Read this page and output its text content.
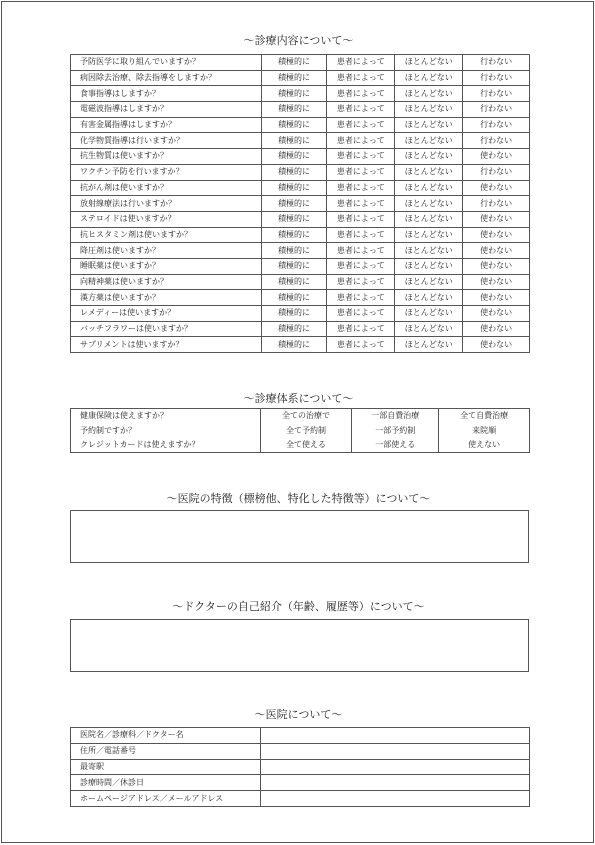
～診療内容について～
予防医学に取り組んでいますか？	積極的に	患者によって	ほとんどない	行わない
病因除去治療、除去指導をしますか？	積極的に	患者によって	ほとんどない	行わない
食事指導はしますか？	積極的に	患者によって	ほとんどない	行わない
電磁波指導はしますか？	積極的に	患者によって	ほとんどない	行わない
有害金属指導はしますか？	積極的に	患者によって	ほとんどない	行わない
化学物質指導は行いますか？	積極的に	患者によって	ほとんどない	行わない
抗生物質は使いますか？	積極的に	患者によって	ほとんどない	使わない
ワクチン予防を行いますか？	積極的に	患者によって	ほとんどない	行わない
抗がん剤は使いますか？	積極的に	患者によって	ほとんどない	使わない
放射線療法は行いますか？	積極的に	患者によって	ほとんどない	行わない
ステロイドは使いますか？	積極的に	患者によって	ほとんどない	使わない
抗ヒスタミン剤は使いますか？	積極的に	患者によって	ほとんどない	使わない
降圧剤は使いますか？	積極的に	患者によって	ほとんどない	使わない
睡眠薬は使いますか？	積極的に	患者によって	ほとんどない	使わない
向精神薬は使いますか？	積極的に	患者によって	ほとんどない	使わない
漢方薬は使いますか？	積極的に	患者によって	ほとんどない	使わない
レメディーは使いますか？	積極的に	患者によって	ほとんどない	使わない
バッチフラワーは使いますか？	積極的に	患者によって	ほとんどない	使わない
サプリメントは使いますか？	積極的に	患者によって	ほとんどない	使わない
～診療体系について～
健康保険は使えますか？	全ての治療で	一部自費治療	全て自費治療
予約制ですか？	全て予約制	一部予約制	来院順
クレジットカードは使えますか？	全て使える	一部使える	使えない
～医院の特徴（標榜他、特化した特徴等）について～
～ドクターの自己紹介（年齢、履歴等）について～
～医院について～
医院名／診療科／ドクター名	
住所／電話番号	
最寄駅	
診療時間／休診日	
ホームページアドレス／メールアドレス	
